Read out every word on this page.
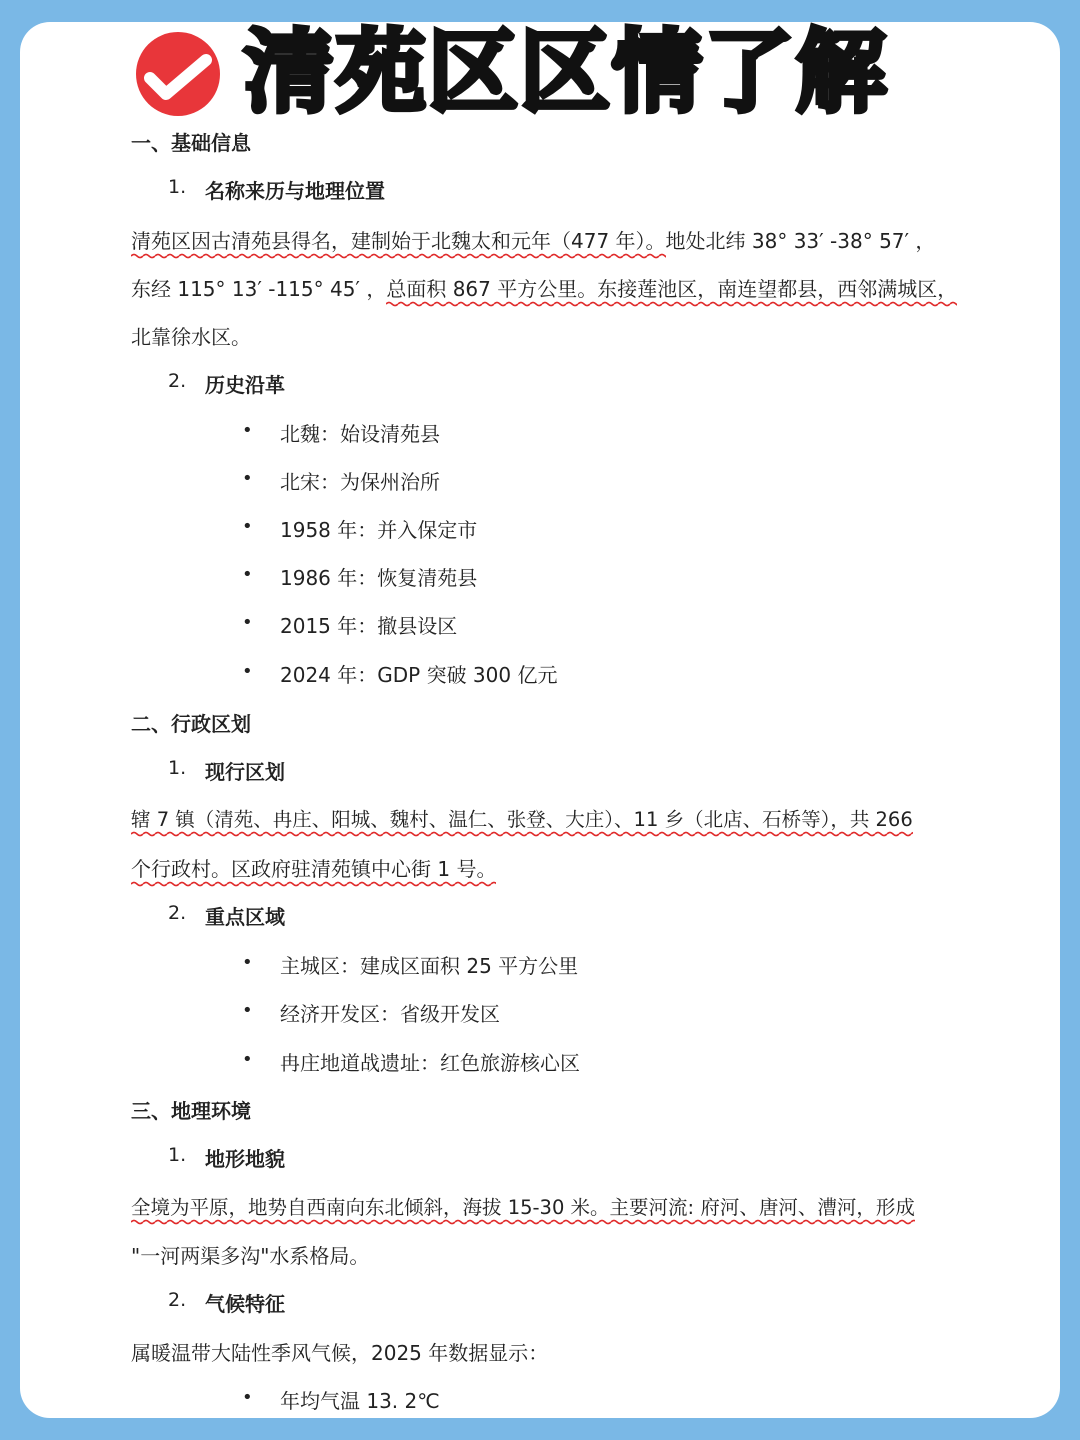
清苑区区情了解
一、基础信息
1. 名称来历与地理位置
清苑区因古清苑县得名，建制始于北魏太和元年（477 年）。地处北纬 38° 33′ -38° 57′ ，
东经 115° 13′ -115° 45′ ，总面积 867 平方公里。东接莲池区，南连望都县，西邻满城区，
北靠徐水区。
2. 历史沿革
• 北魏：始设清苑县
• 北宋：为保州治所
• 1958 年：并入保定市
• 1986 年：恢复清苑县
• 2015 年：撤县设区
• 2024 年：GDP 突破 300 亿元
二、行政区划
1. 现行区划
辖 7 镇（清苑、冉庄、阳城、魏村、温仁、张登、大庄）、11 乡（北店、石桥等），共 266
个行政村。区政府驻清苑镇中心街 1 号。
2. 重点区域
• 主城区：建成区面积 25 平方公里
• 经济开发区：省级开发区
• 冉庄地道战遗址：红色旅游核心区
三、地理环境
1. 地形地貌
全境为平原，地势自西南向东北倾斜，海拔 15-30 米。主要河流: 府河、唐河、漕河，形成
"一河两渠多沟"水系格局。
2. 气候特征
属暖温带大陆性季风气候，2025 年数据显示：
• 年均气温 13. 2℃
